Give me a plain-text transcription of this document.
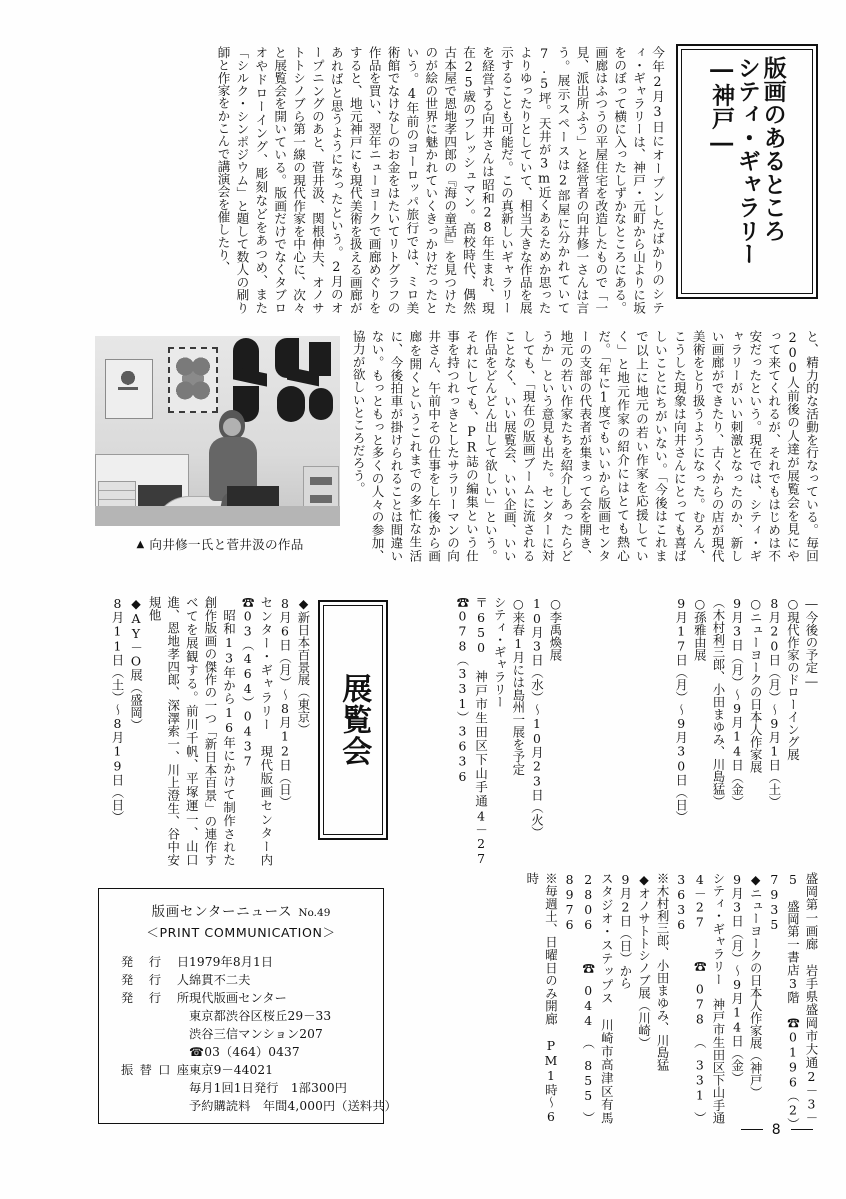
版画のあるところ
シティ・ギャラリー
―神戸―
今年2月3日にオープンしたばかりのシティ・ギャラリーは、神戸・元町から山よりに坂をのぼって横に入ったしずかなところにある。画廊はふつうの平屋住宅を改造したもので「一見、派出所ふう」と経営者の向井修一さんは言う。展示スペースは2部屋に分かれていて7.5坪。天井が3m近くあるためか思ったよりゆったりとしていて、相当大きな作品を展示することも可能だ。この真新しいギャラリーを経営する向井さんは昭和28年生まれ、現在25歳のフレッシュマン。高校時代、偶然古本屋で恩地孝四郎の『海の童話』を見つけたのが絵の世界に魅かれていくきっかけだったという。4年前のヨーロッパ旅行では、ミロ美術館でなけなしのお金をはたいてリトグラフの作品を買い、翌年ニューヨークで画廊めぐりをすると、地元神戸にも現代美術を扱える画廊があればと思うようになったという。2月のオープニングのあと、菅井汲、関根伸夫、オノサトトシノブら第一線の現代作家を中心に、次々と展覧会を開いている。版画だけでなくタブロオやドローイング、彫刻などをあつめ、また「シルク・シンポジウム」と題して数人の刷り師と作家をかこんで講演会を催したり、
と、精力的な活動を行なっている。毎回200人前後の人達が展覧会を見にやって来てくれるが、それでもはじめは不安だったという。現在では、シティ・ギャラリーがいい刺激となったのか、新しい画廊ができたり、古くからの店が現代美術をとり扱うようになった。むろん、こうした現象は向井さんにとっても喜ばしいことにちがいない。「今後はこれまで以上に地元の若い作家を応援していく」と地元作家の紹介にはとても熱心だ。「年に1度でもいいから版画センターの支部の代表者が集まって会を開き、地元の若い作家たちを紹介しあったらどうか」という意見も出た。センターに対しても、「現在の版画ブームに流されることなく、いい展覧会、いい企画、いい作品をどんどん出して欲しい」という。それにしても、PR誌の編集という仕事を持つれっきとしたサラリーマンの向井さん、午前中その仕事をし午後から画廊を開くというこれまでの多忙な生活に、今後拍車が掛けられることは間違いない。もっともっと多くの人々の参加、協力が欲しいところだろう。
▲ 向井修一氏と菅井汲の作品
展覧会
◆新日本百景展（東京）
8月6日（月）～8月12日（日）
センター・ギャラリー　現代版画センター内　☎03（464）0437
　昭和13年から16年にかけて制作された創作版画の傑作の一つ「新日本百景」の連作すべてを展観する。前川千帆、平塚運一、山口進、恩地孝四郎、深澤索一、川上澄生、谷中安規他
◆AY－O展（盛岡）
8月11日（土）～8月19日（日）	○李禹煥展
10月3日（水）～10月23日（火）
○来春1月には島州一展を予定
シティ・ギャラリー
〒650　神戸市生田区下山手通4－27　☎078（331）3636	―今後の予定―
○現代作家のドローイング展
8月20日（月）～9月1日（土）
○ニューヨークの日本人作家展
9月3日（月）～9月14日（金）
（木村利三郎、小田まゆみ、川島猛）
○孫雅由展
9月17日（月）～9月30日（日）
盛岡第一画廊　岩手県盛岡市大通2－3－5　盛岡第一書店3階　☎0196（2）7935
◆ニューヨークの日本人作家展（神戸）
9月3日（月）～9月14日（金）
シティ・ギャラリー　神戸市生田区下山手通4－27　☎078（331）3636
※木村利三郎、小田まゆみ、川島猛
◆オノサトトシノブ展（川崎）
9月2日（日）から
スタジオ・ステップス　川崎市高津区有馬2806　☎044（855）8976
※毎週土、日曜日のみ開廊　PM1時～6時
版画センターニュース No.49
＜PRINT COMMUNICATION＞
発 行 日 1979年8月1日
発 行 人 綿貫不二夫
発 行 所 現代版画センター
東京都渋谷区桜丘29－33
渋谷三信マンション207
☎03（464）0437
振 替 口 座 東京9－44021
毎月1回1日発行　1部300円
予約購読料　年間4,000円（送料共）
8
